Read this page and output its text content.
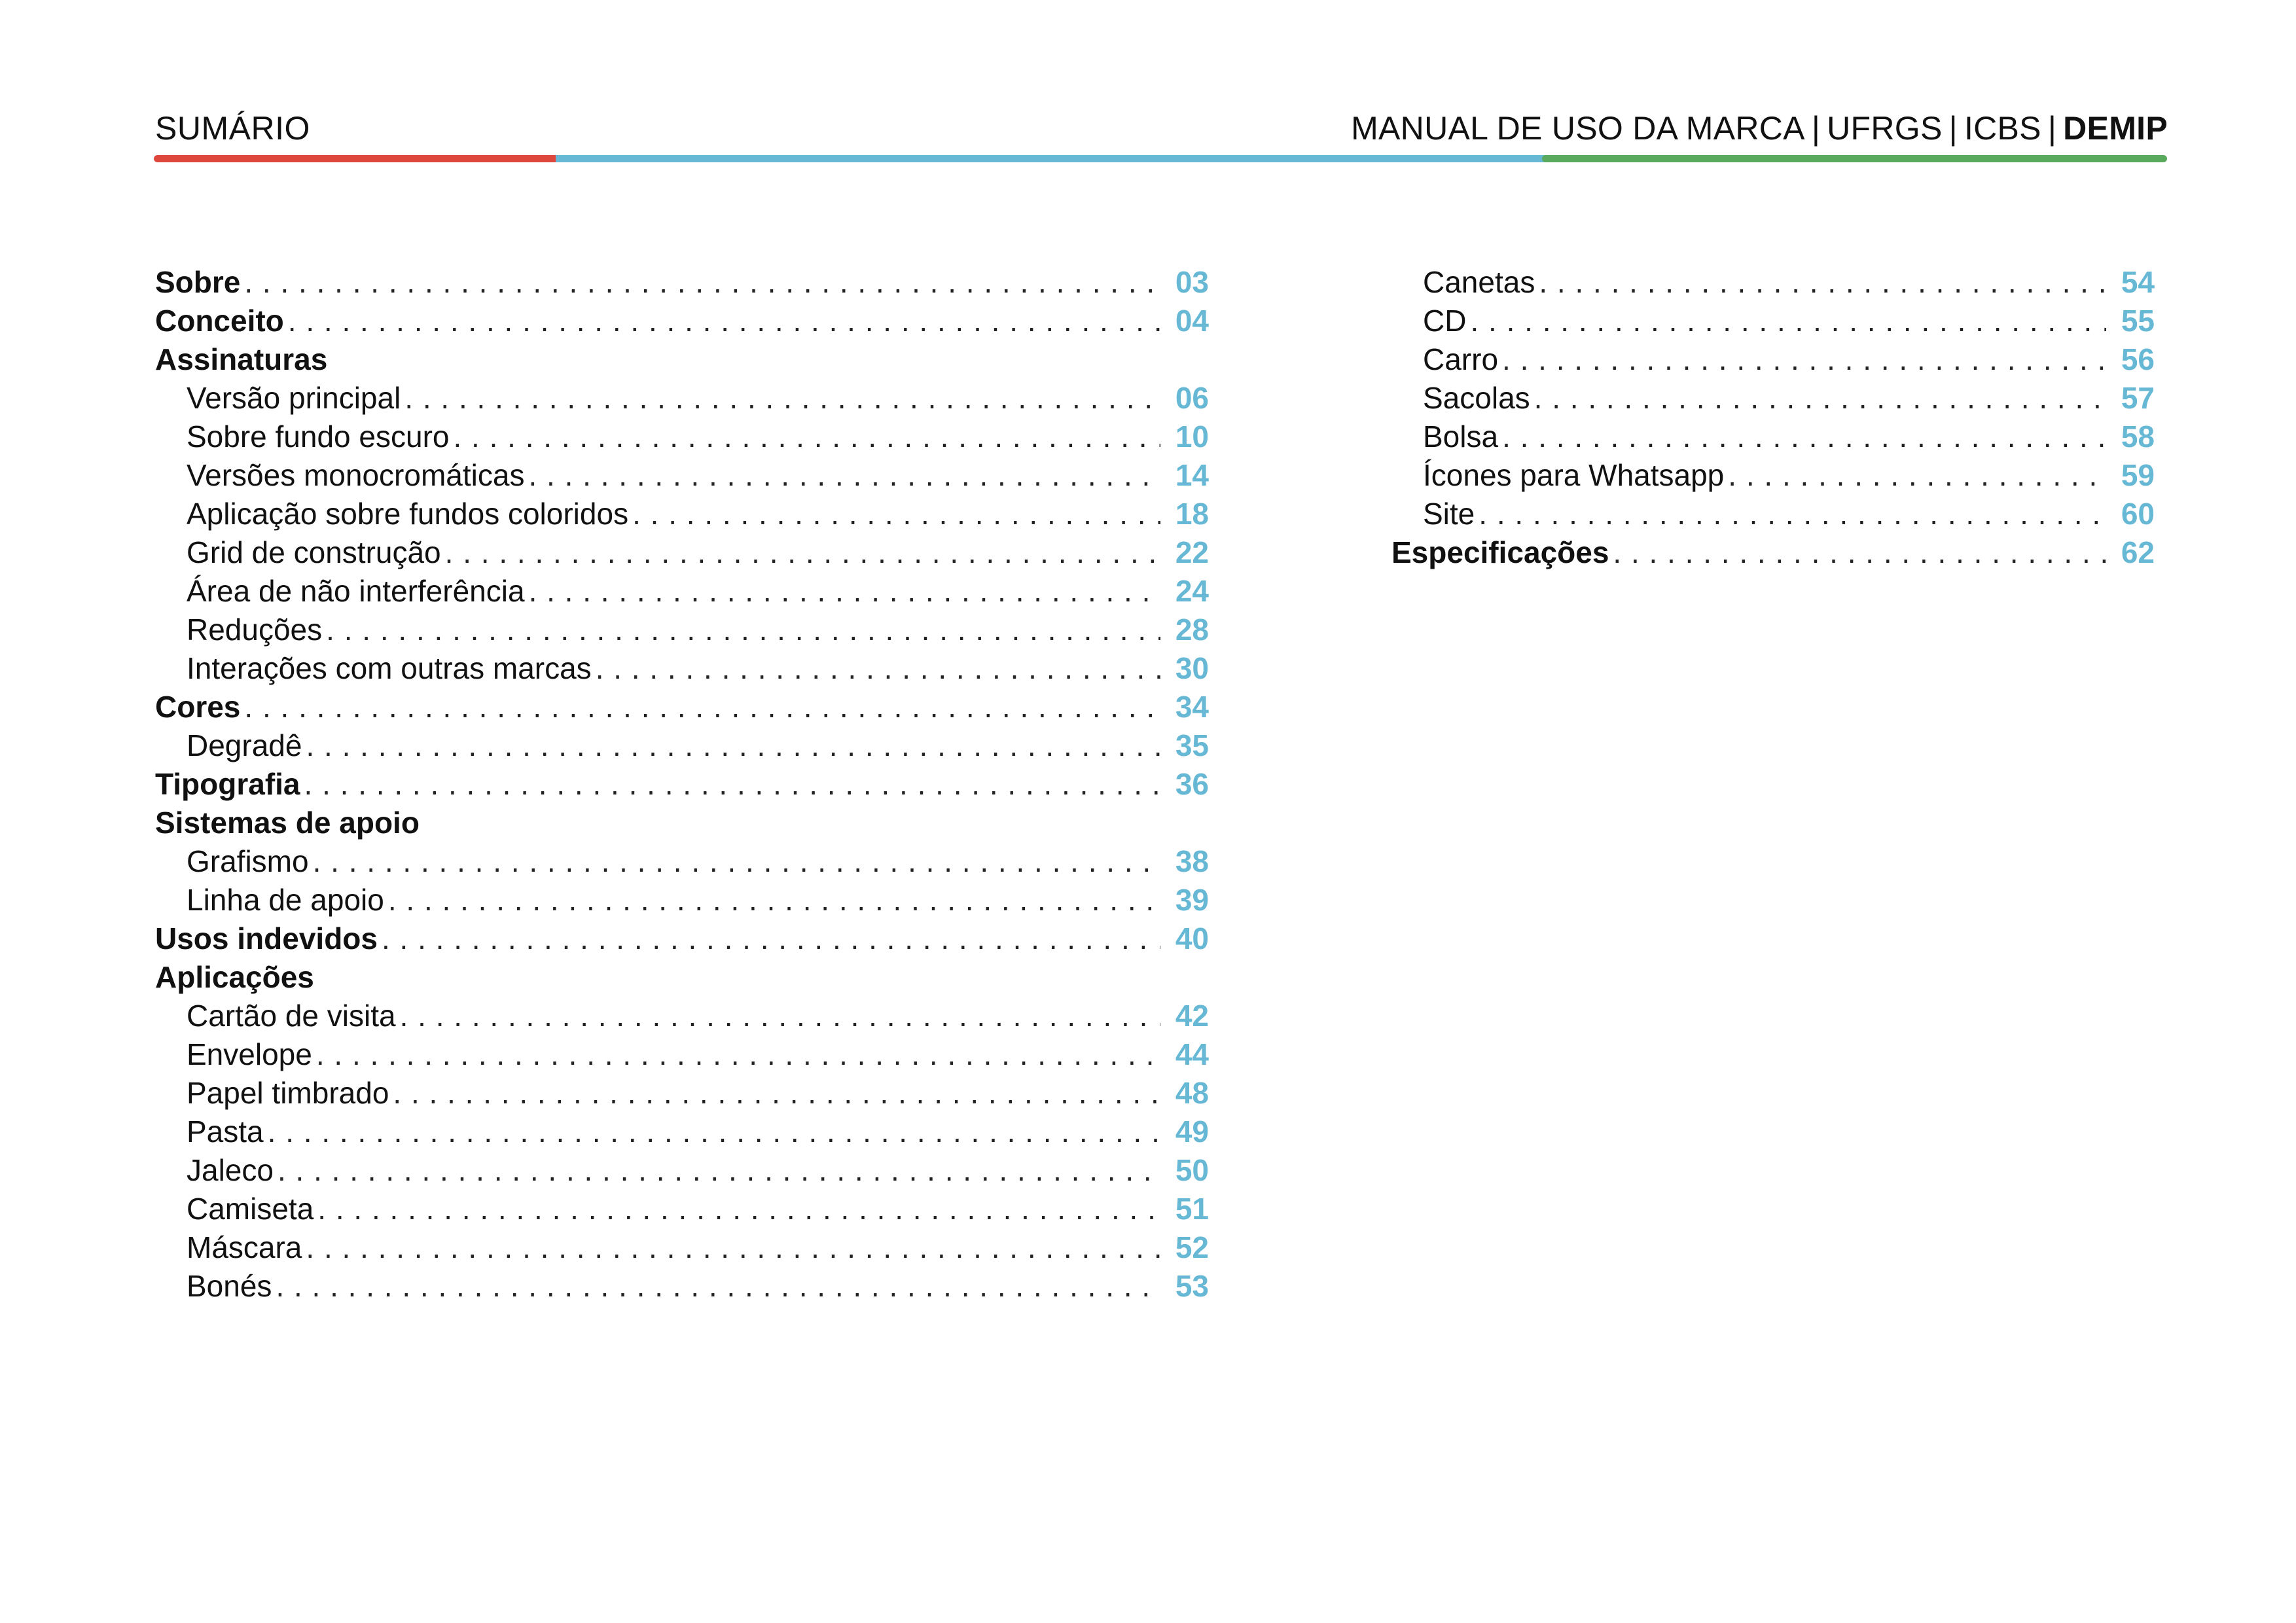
SUMÁRIO	MANUAL DE USO DA MARCA | UFRGS | ICBS | DEMIP
Sobre . . .	03
Conceito . . .	04
Assinaturas
Versão principal . . .	06
Sobre fundo escuro . . .	10
Versões monocromáticas . . .	14
Aplicação sobre fundos coloridos . . .	18
Grid de construção . . .	22
Área de não interferência . . .	24
Reduções . . .	28
Interações com outras marcas . . .	30
Cores . . .	34
Degradê . . .	35
Tipografia . . .	36
Sistemas de apoio
Grafismo . . .	38
Linha de apoio . . .	39
Usos indevidos . . .	40
Aplicações
Cartão de visita . . .	42
Envelope . . .	44
Papel timbrado . . .	48
Pasta . . .	49
Jaleco . . .	50
Camiseta . . .	51
Máscara . . .	52
Bonés . . .	53
Canetas . . .	54
CD . . .	55
Carro . . .	56
Sacolas . . .	57
Bolsa . . .	58
Ícones para Whatsapp . . .	59
Site . . .	60
Especificações . . .	62
